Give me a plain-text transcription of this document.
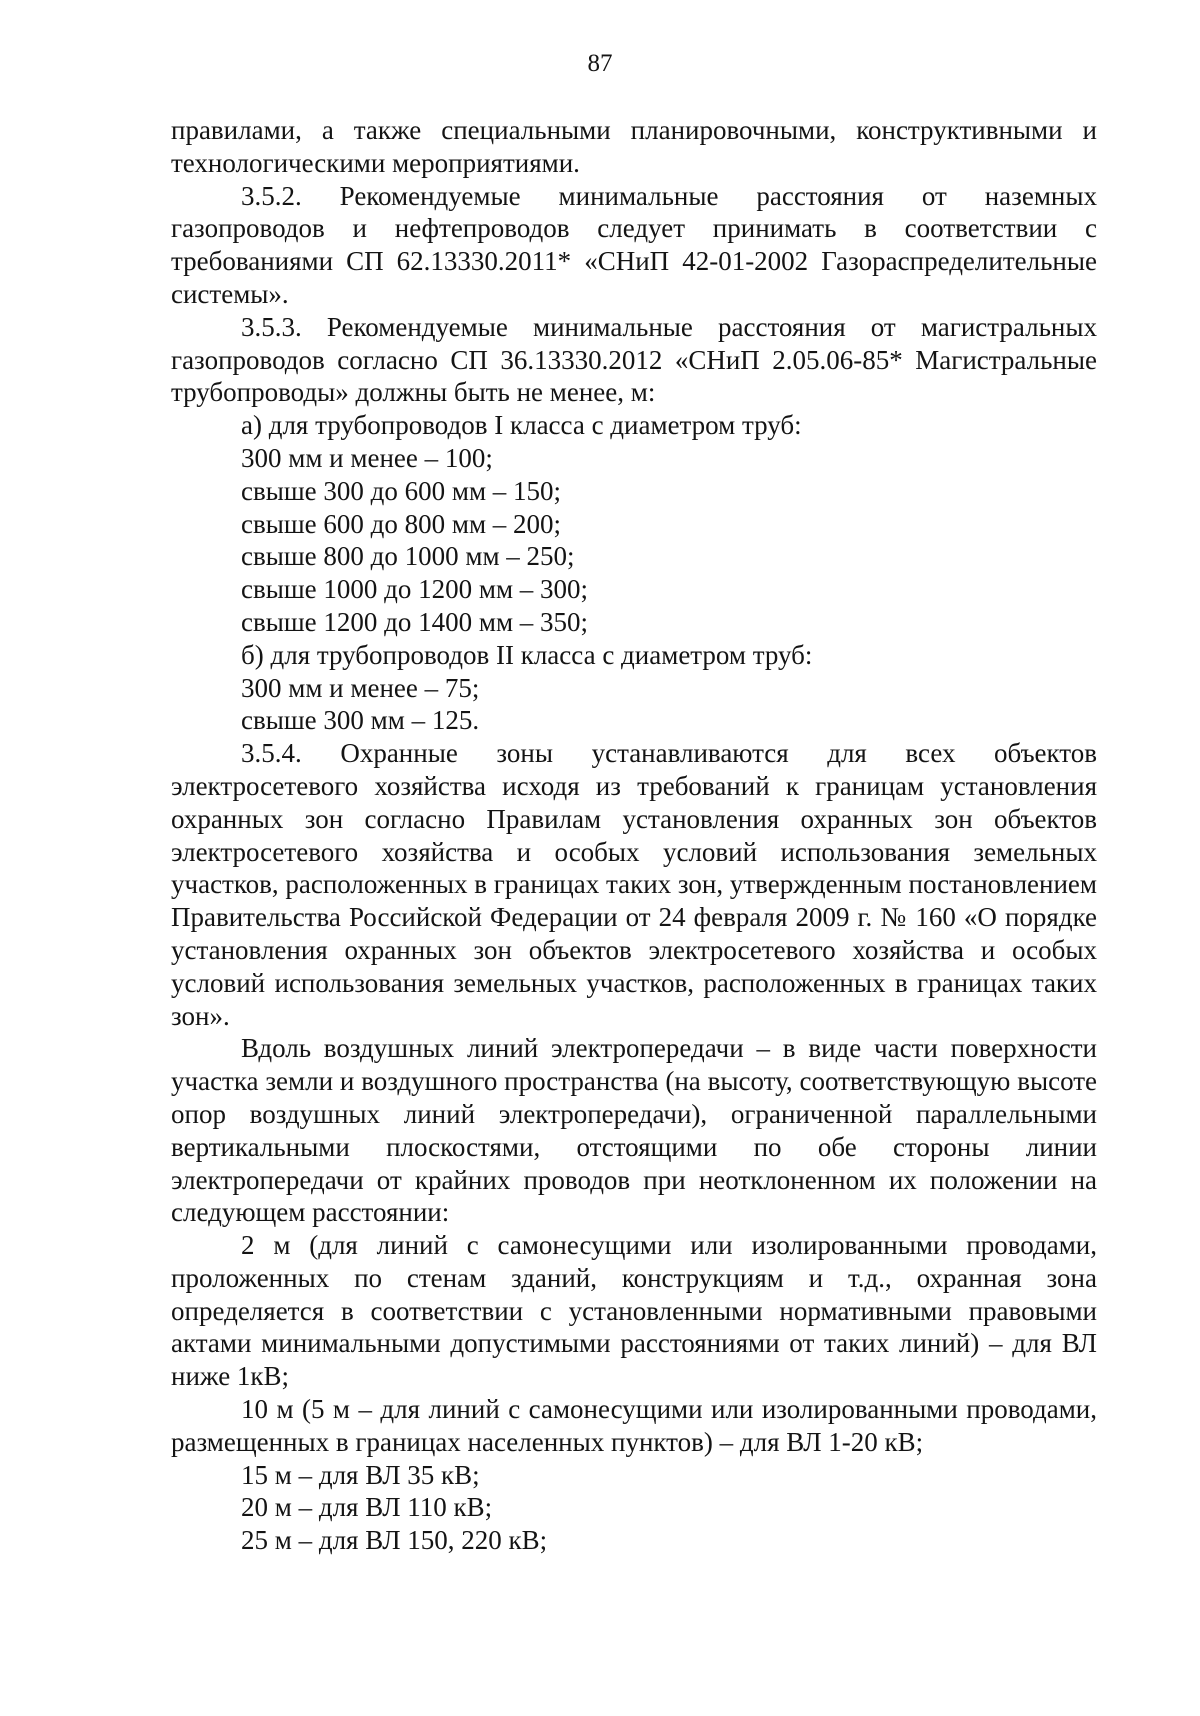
87

правилами, а также специальными планировочными, конструктивными и технологическими мероприятиями.

3.5.2. Рекомендуемые минимальные расстояния от наземных газопроводов и нефтепроводов следует принимать в соответствии с требованиями СП 62.13330.2011* «СНиП 42-01-2002 Газораспределительные системы».

3.5.3. Рекомендуемые минимальные расстояния от магистральных газопроводов согласно СП 36.13330.2012 «СНиП 2.05.06-85* Магистральные трубопроводы» должны быть не менее, м:

а) для трубопроводов I класса с диаметром труб:

300 мм и менее – 100;

свыше 300 до 600 мм – 150;

свыше 600 до 800 мм – 200;

свыше 800 до 1000 мм – 250;

свыше 1000 до 1200 мм – 300;

свыше 1200 до 1400 мм – 350;

б) для трубопроводов II класса с диаметром труб:

300 мм и менее – 75;

свыше 300 мм – 125.

3.5.4. Охранные зоны устанавливаются для всех объектов электросетевого хозяйства исходя из требований к границам установления охранных зон согласно Правилам установления охранных зон объектов электросетевого хозяйства и особых условий использования земельных участков, расположенных в границах таких зон, утвержденным постановлением Правительства Российской Федерации от 24 февраля 2009 г. № 160 «О порядке установления охранных зон объектов электросетевого хозяйства и особых условий использования земельных участков, расположенных в границах таких зон».

Вдоль воздушных линий электропередачи – в виде части поверхности участка земли и воздушного пространства (на высоту, соответствующую высоте опор воздушных линий электропередачи), ограниченной параллельными вертикальными плоскостями, отстоящими по обе стороны линии электропередачи от крайних проводов при неотклоненном их положении на следующем расстоянии:

2 м (для линий с самонесущими или изолированными проводами, проложенных по стенам зданий, конструкциям и т.д., охранная зона определяется в соответствии с установленными нормативными правовыми актами минимальными допустимыми расстояниями от таких линий) – для ВЛ ниже 1кВ;

10 м (5 м – для линий с самонесущими или изолированными проводами, размещенных в границах населенных пунктов) – для ВЛ 1-20 кВ;

15 м – для ВЛ 35 кВ;

20 м – для ВЛ 110 кВ;

25 м – для ВЛ 150, 220 кВ;
